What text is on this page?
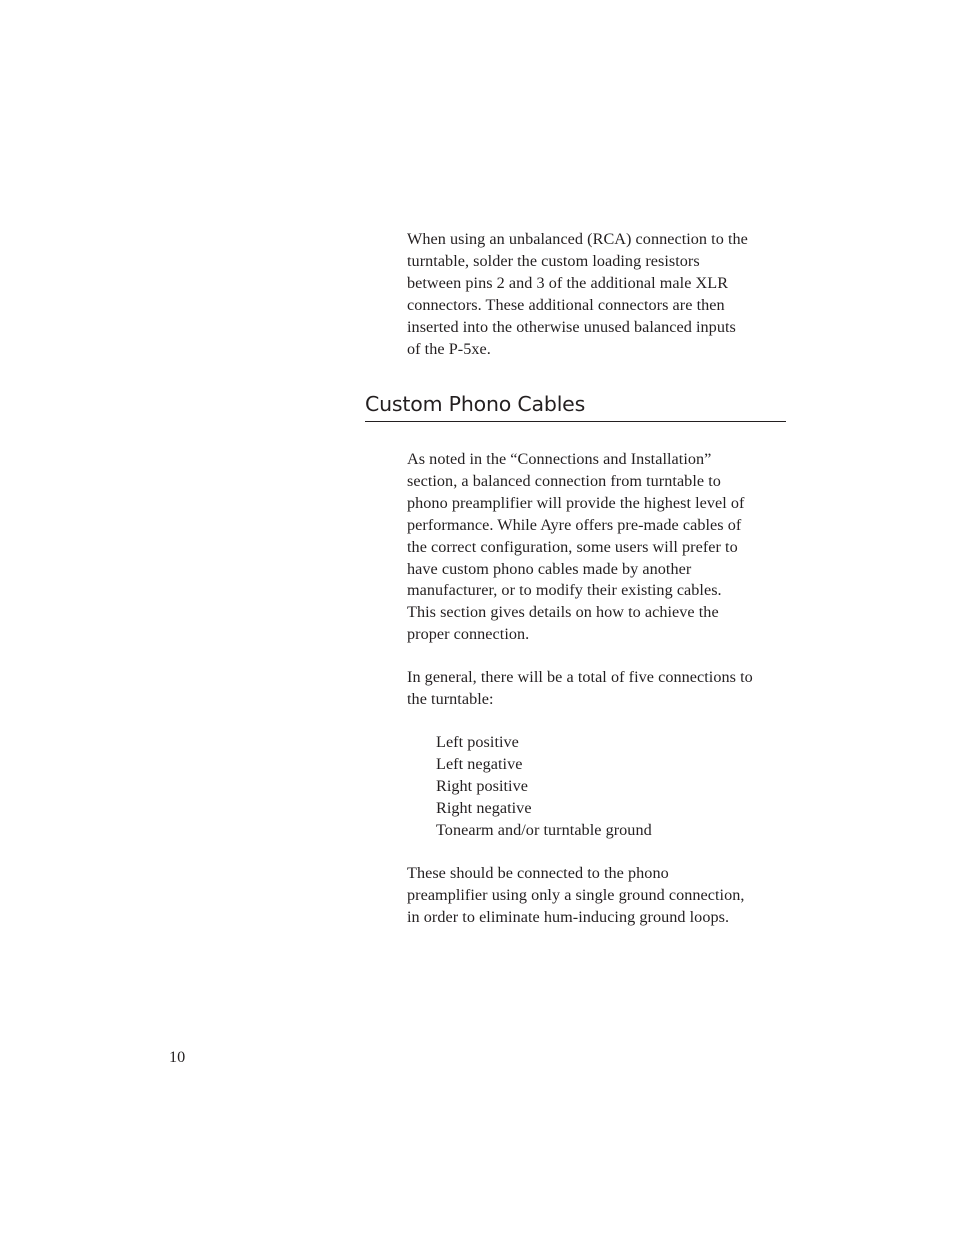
When using an unbalanced (RCA) connection to the
turntable, solder the custom loading resistors
between pins 2 and 3 of the additional male XLR
connectors. These additional connectors are then
inserted into the otherwise unused balanced inputs
of the P-5xe.

Custom Phono Cables

As noted in the “Connections and Installation”
section, a balanced connection from turntable to
phono preamplifier will provide the highest level of
performance. While Ayre offers pre-made cables of
the correct configuration, some users will prefer to
have custom phono cables made by another
manufacturer, or to modify their existing cables.
This section gives details on how to achieve the
proper connection.

In general, there will be a total of five connections to
the turntable:

Left positive
Left negative
Right positive
Right negative
Tonearm and/or turntable ground

These should be connected to the phono
preamplifier using only a single ground connection,
in order to eliminate hum-inducing ground loops.

10
